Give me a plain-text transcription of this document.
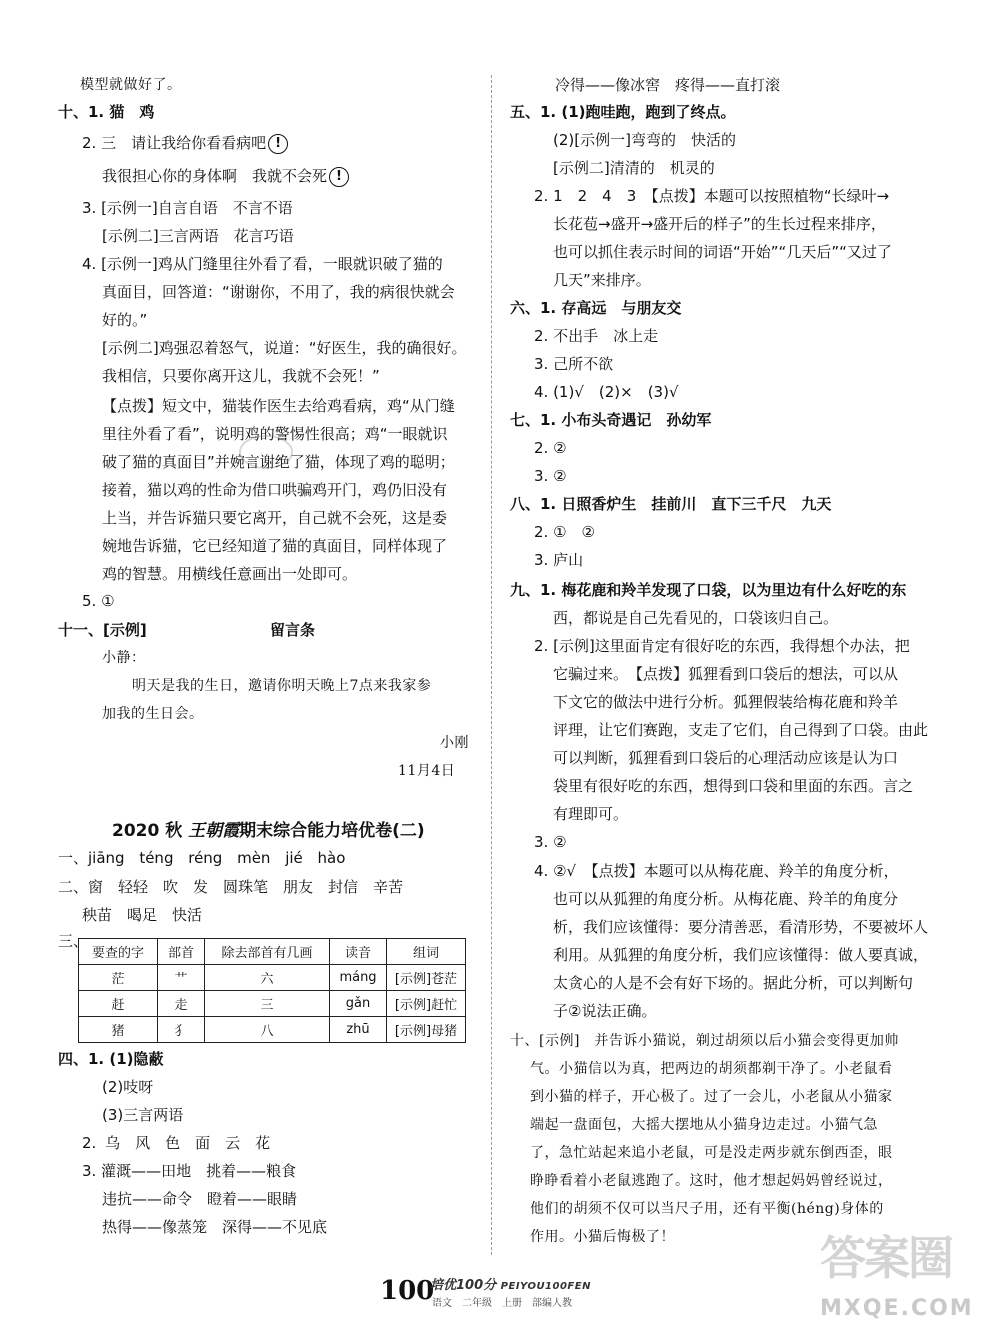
模型就做好了。
十、1. 猫　鸡
2. 三　请让我给你看看病吧 !
我很担心你的身体啊　我就不会死 !
3. [示例一]自言自语　不言不语
[示例二]三言两语　花言巧语
4. [示例一]鸡从门缝里往外看了看，一眼就识破了猫的
真面目，回答道：“谢谢你，不用了，我的病很快就会
好的。”
[示例二]鸡强忍着怒气，说道：“好医生，我的确很好。
我相信，只要你离开这儿，我就不会死！”
【点拨】短文中，猫装作医生去给鸡看病，鸡“从门缝
里往外看了看”，说明鸡的警惕性很高；鸡“一眼就识
破了猫的真面目”并婉言谢绝了猫，体现了鸡的聪明；
接着，猫以鸡的性命为借口哄骗鸡开门，鸡仍旧没有
上当，并告诉猫只要它离开，自己就不会死，这是委
婉地告诉猫，它已经知道了猫的真面目，同样体现了
鸡的智慧。用横线任意画出一处即可。
5. ①
十一、[示例]	留言条
小静：
明天是我的生日，邀请你明天晚上7点来我家参
加我的生日会。
小刚
11月4日
2020 秋 王朝霞期末综合能力培优卷(二)
一、jiāng téng réng mèn jié hào
二、窗　轻轻　吹　发　圆珠笔　朋友　封信　辛苦
秧苗　喝足　快活
三、
要查的字	部首	除去部首有几画	读音	组词
茫	艹	六	máng	[示例]苍茫
赶	走	三	gǎn	[示例]赶忙
猪	犭	八	zhū	[示例]母猪
四、1. (1)隐蔽
(2)吱呀
(3)三言两语
2. 乌　风　色　面　云　花
3. 灌溉——田地　挑着——粮食
违抗——命令　瞪着——眼睛
热得——像蒸笼　深得——不见底
冷得——像冰窖　疼得——直打滚
五、1. (1)跑哇跑，跑到了终点。
(2)[示例一]弯弯的　快活的
[示例二]清清的　机灵的
2. 1　2　4　3　【点拨】本题可以按照植物“长绿叶→
长花苞→盛开→盛开后的样子”的生长过程来排序，
也可以抓住表示时间的词语“开始”“几天后”“又过了
几天”来排序。
六、1. 存高远　与朋友交
2. 不出手　冰上走
3. 己所不欲
4. (1)√　(2)×　(3)√
七、1. 小布头奇遇记　孙幼军
2. ②
3. ②
八、1. 日照香炉生　挂前川　直下三千尺　九天
2. ①　②
3. 庐山
九、1. 梅花鹿和羚羊发现了口袋，以为里边有什么好吃的东
西，都说是自己先看见的，口袋该归自己。
2. [示例]这里面肯定有很好吃的东西，我得想个办法，把
它骗过来。　【点拨】狐狸看到口袋后的想法，可以从
下文它的做法中进行分析。狐狸假装给梅花鹿和羚羊
评理，让它们赛跑，支走了它们，自己得到了口袋。由此
可以判断，狐狸看到口袋后的心理活动应该是认为口
袋里有很好吃的东西，想得到口袋和里面的东西。言之
有理即可。
3. ②
4. ②√　【点拨】本题可以从梅花鹿、羚羊的角度分析，
也可以从狐狸的角度分析。从梅花鹿、羚羊的角度分
析，我们应该懂得：要分清善恶，看清形势，不要被坏人
利用。从狐狸的角度分析，我们应该懂得：做人要真诚，
太贪心的人是不会有好下场的。据此分析，可以判断句
子②说法正确。
十、[示例]　并告诉小猫说，剃过胡须以后小猫会变得更加帅
气。小猫信以为真，把两边的胡须都剃干净了。小老鼠看
到小猫的样子，开心极了。过了一会儿，小老鼠从小猫家
端起一盘面包，大摇大摆地从小猫身边走过。小猫气急
了，急忙站起来追小老鼠，可是没走两步就东倒西歪，眼
睁睁看着小老鼠逃跑了。这时，他才想起妈妈曾经说过，
他们的胡须不仅可以当尺子用，还有平衡(héng)身体的
作用。小猫后悔极了！
100
培优100分 PEIYOU100FEN
语文　二年级　上册　部编人教
答案圈
MXQE.COM
